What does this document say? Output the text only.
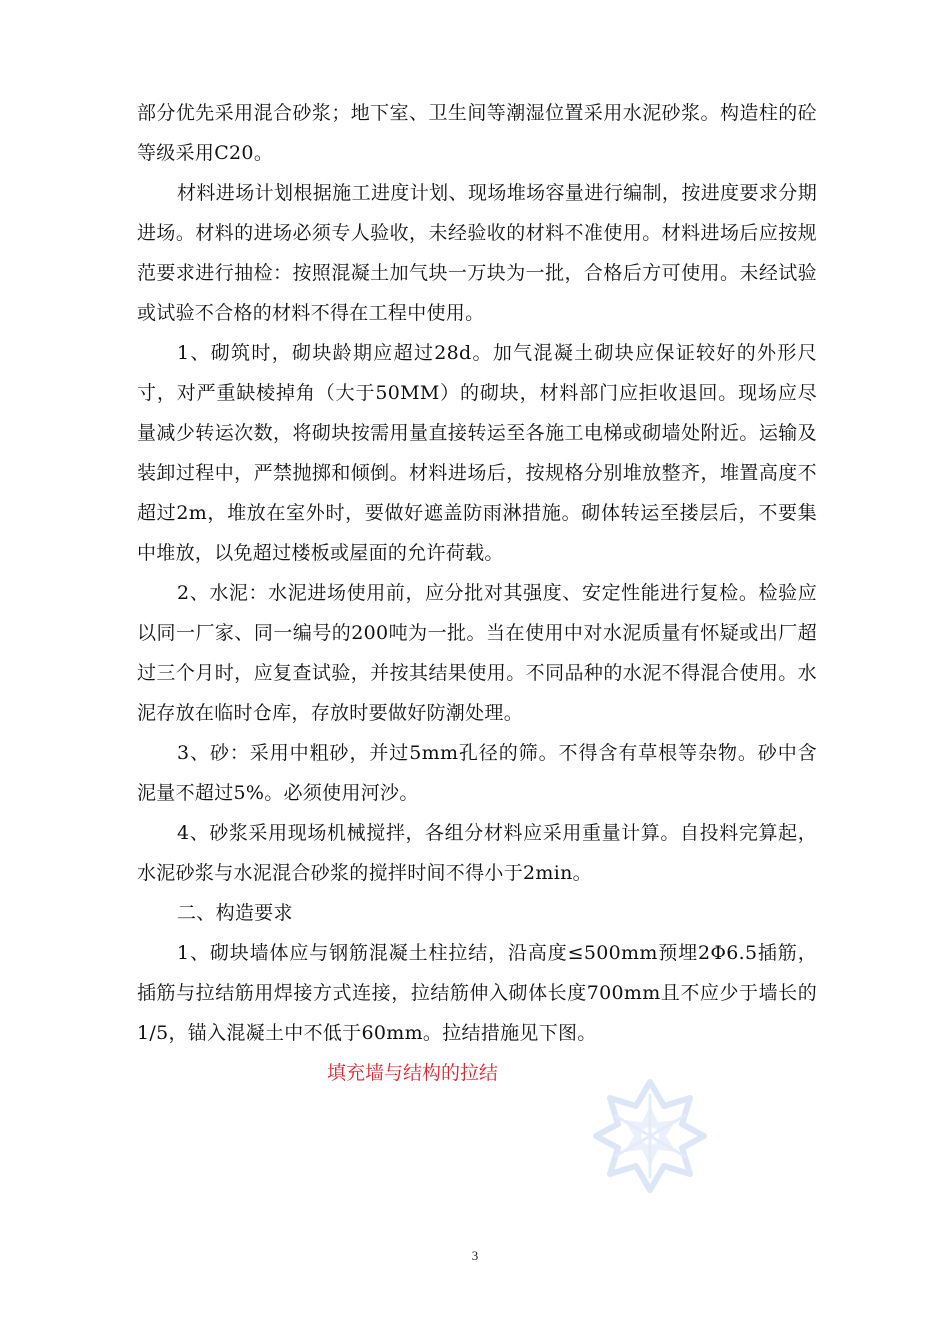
部分优先采用混合砂浆；地下室、卫生间等潮湿位置采用水泥砂浆。构造柱的砼等级采用C20。

材料进场计划根据施工进度计划、现场堆场容量进行编制，按进度要求分期进场。材料的进场必须专人验收，未经验收的材料不准使用。材料进场后应按规范要求进行抽检：按照混凝土加气块一万块为一批，合格后方可使用。未经试验或试验不合格的材料不得在工程中使用。

1、砌筑时，砌块龄期应超过28d。加气混凝土砌块应保证较好的外形尺寸，对严重缺棱掉角（大于50MM）的砌块，材料部门应拒收退回。现场应尽量减少转运次数，将砌块按需用量直接转运至各施工电梯或砌墙处附近。运输及装卸过程中，严禁抛掷和倾倒。材料进场后，按规格分别堆放整齐，堆置高度不超过2m，堆放在室外时，要做好遮盖防雨淋措施。砌体转运至搂层后，不要集中堆放，以免超过楼板或屋面的允许荷载。

2、水泥：水泥进场使用前，应分批对其强度、安定性能进行复检。检验应以同一厂家、同一编号的200吨为一批。当在使用中对水泥质量有怀疑或出厂超过三个月时，应复查试验，并按其结果使用。不同品种的水泥不得混合使用。水泥存放在临时仓库，存放时要做好防潮处理。

3、砂：采用中粗砂，并过5mm孔径的筛。不得含有草根等杂物。砂中含泥量不超过5%。必须使用河沙。

4、砂浆采用现场机械搅拌，各组分材料应采用重量计算。自投料完算起，水泥砂浆与水泥混合砂浆的搅拌时间不得小于2min。

二、构造要求

1、砌块墙体应与钢筋混凝土柱拉结，沿高度≤500mm预埋2Φ6.5插筋，插筋与拉结筋用焊接方式连接，拉结筋伸入砌体长度700mm且不应少于墙长的1/5，锚入混凝土中不低于60mm。拉结措施见下图。

填充墙与结构的拉结

3
